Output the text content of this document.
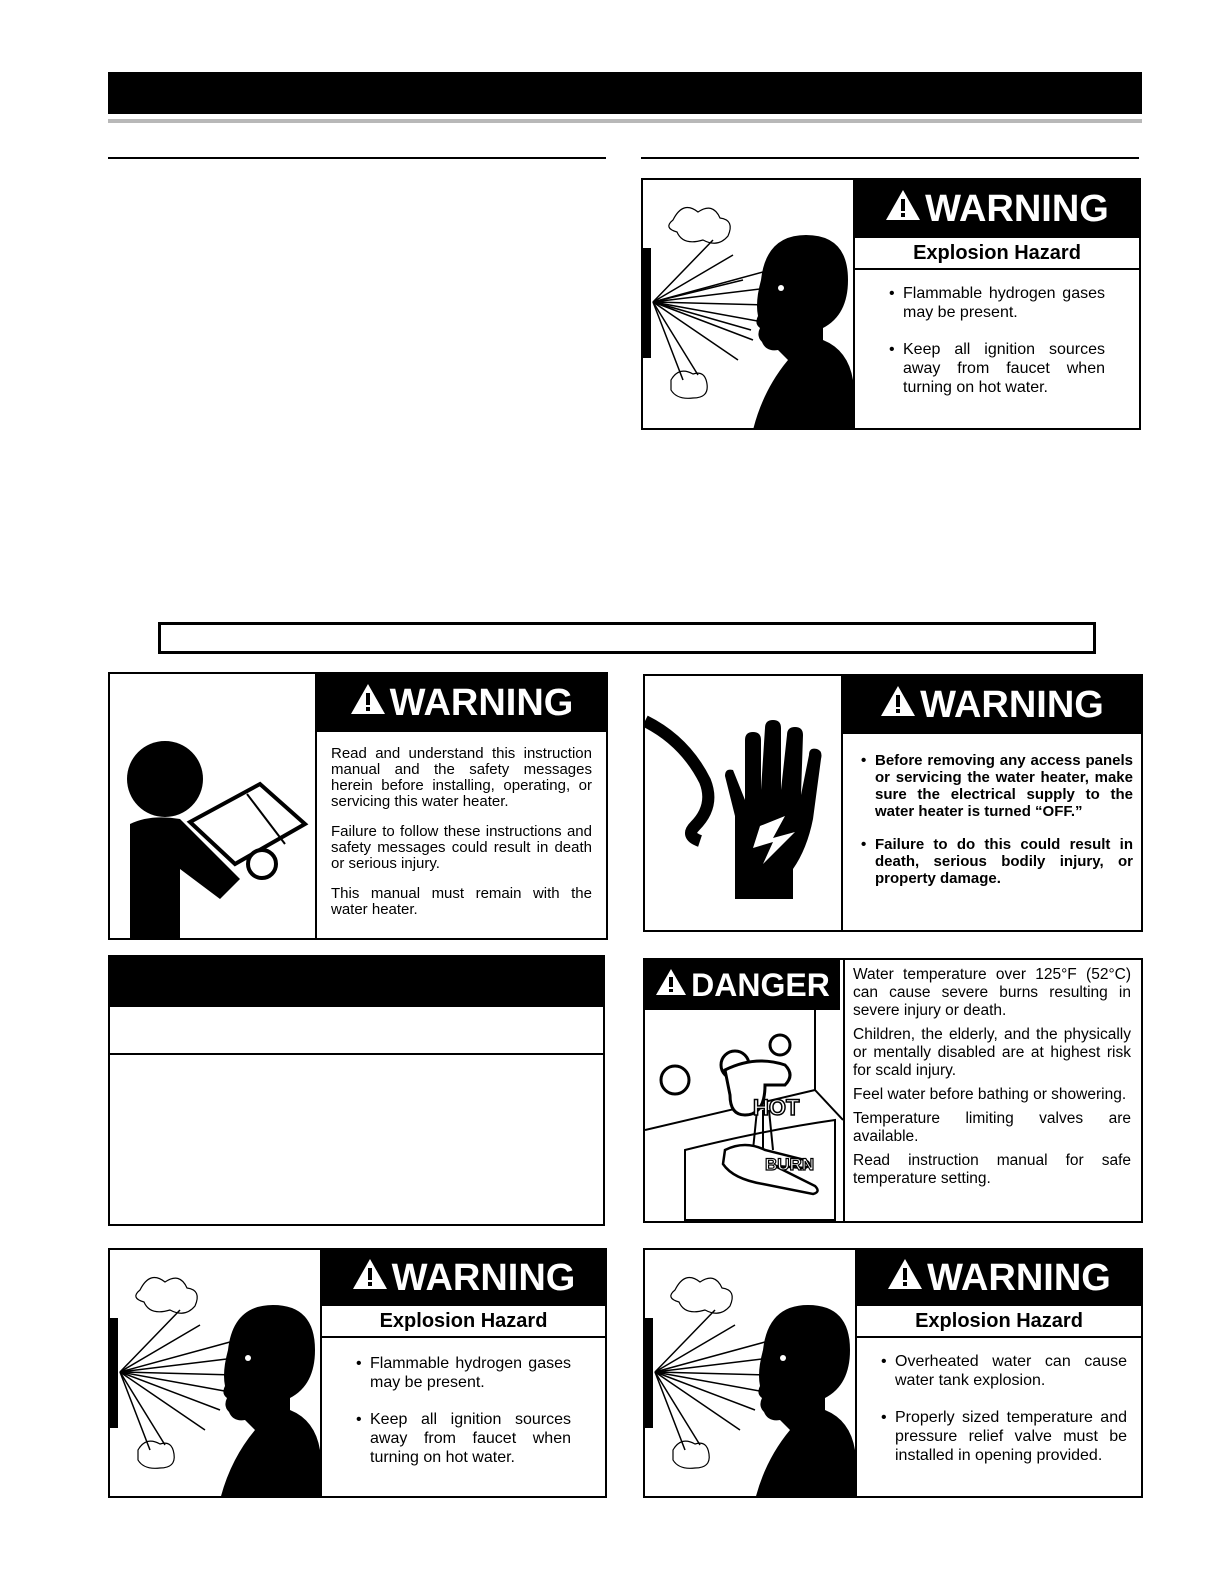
WARNING
Explosion Hazard
• Flammable hydrogen gases may be present.
• Keep all ignition sources away from faucet when turning on hot water.
WARNING

Read and understand this instruction manual and the safety messages herein before installing, operating, or servicing this water heater.

Failure to follow these instructions and safety messages could result in death or serious injury.

This manual must remain with the water heater.

WARNING
• Before removing any access panels or servicing the water heater, make sure the electrical supply to the water heater is turned “OFF.”
• Failure to do this could result in death, serious bodily injury, or property damage.
DANGER
HOT
BURN

Water temperature over 125°F (52°C) can cause severe burns resulting in severe injury or death.

Children, the elderly, and the physically or mentally disabled are at highest risk for scald injury.

Feel water before bathing or showering.

Temperature limiting valves are available.

Read instruction manual for safe temperature setting.

WARNING
Explosion Hazard
• Flammable hydrogen gases may be present.
• Keep all ignition sources away from faucet when turning on hot water.
WARNING
Explosion Hazard
• Overheated water can cause water tank explosion.
• Properly sized temperature and pressure relief valve must be installed in opening provided.
